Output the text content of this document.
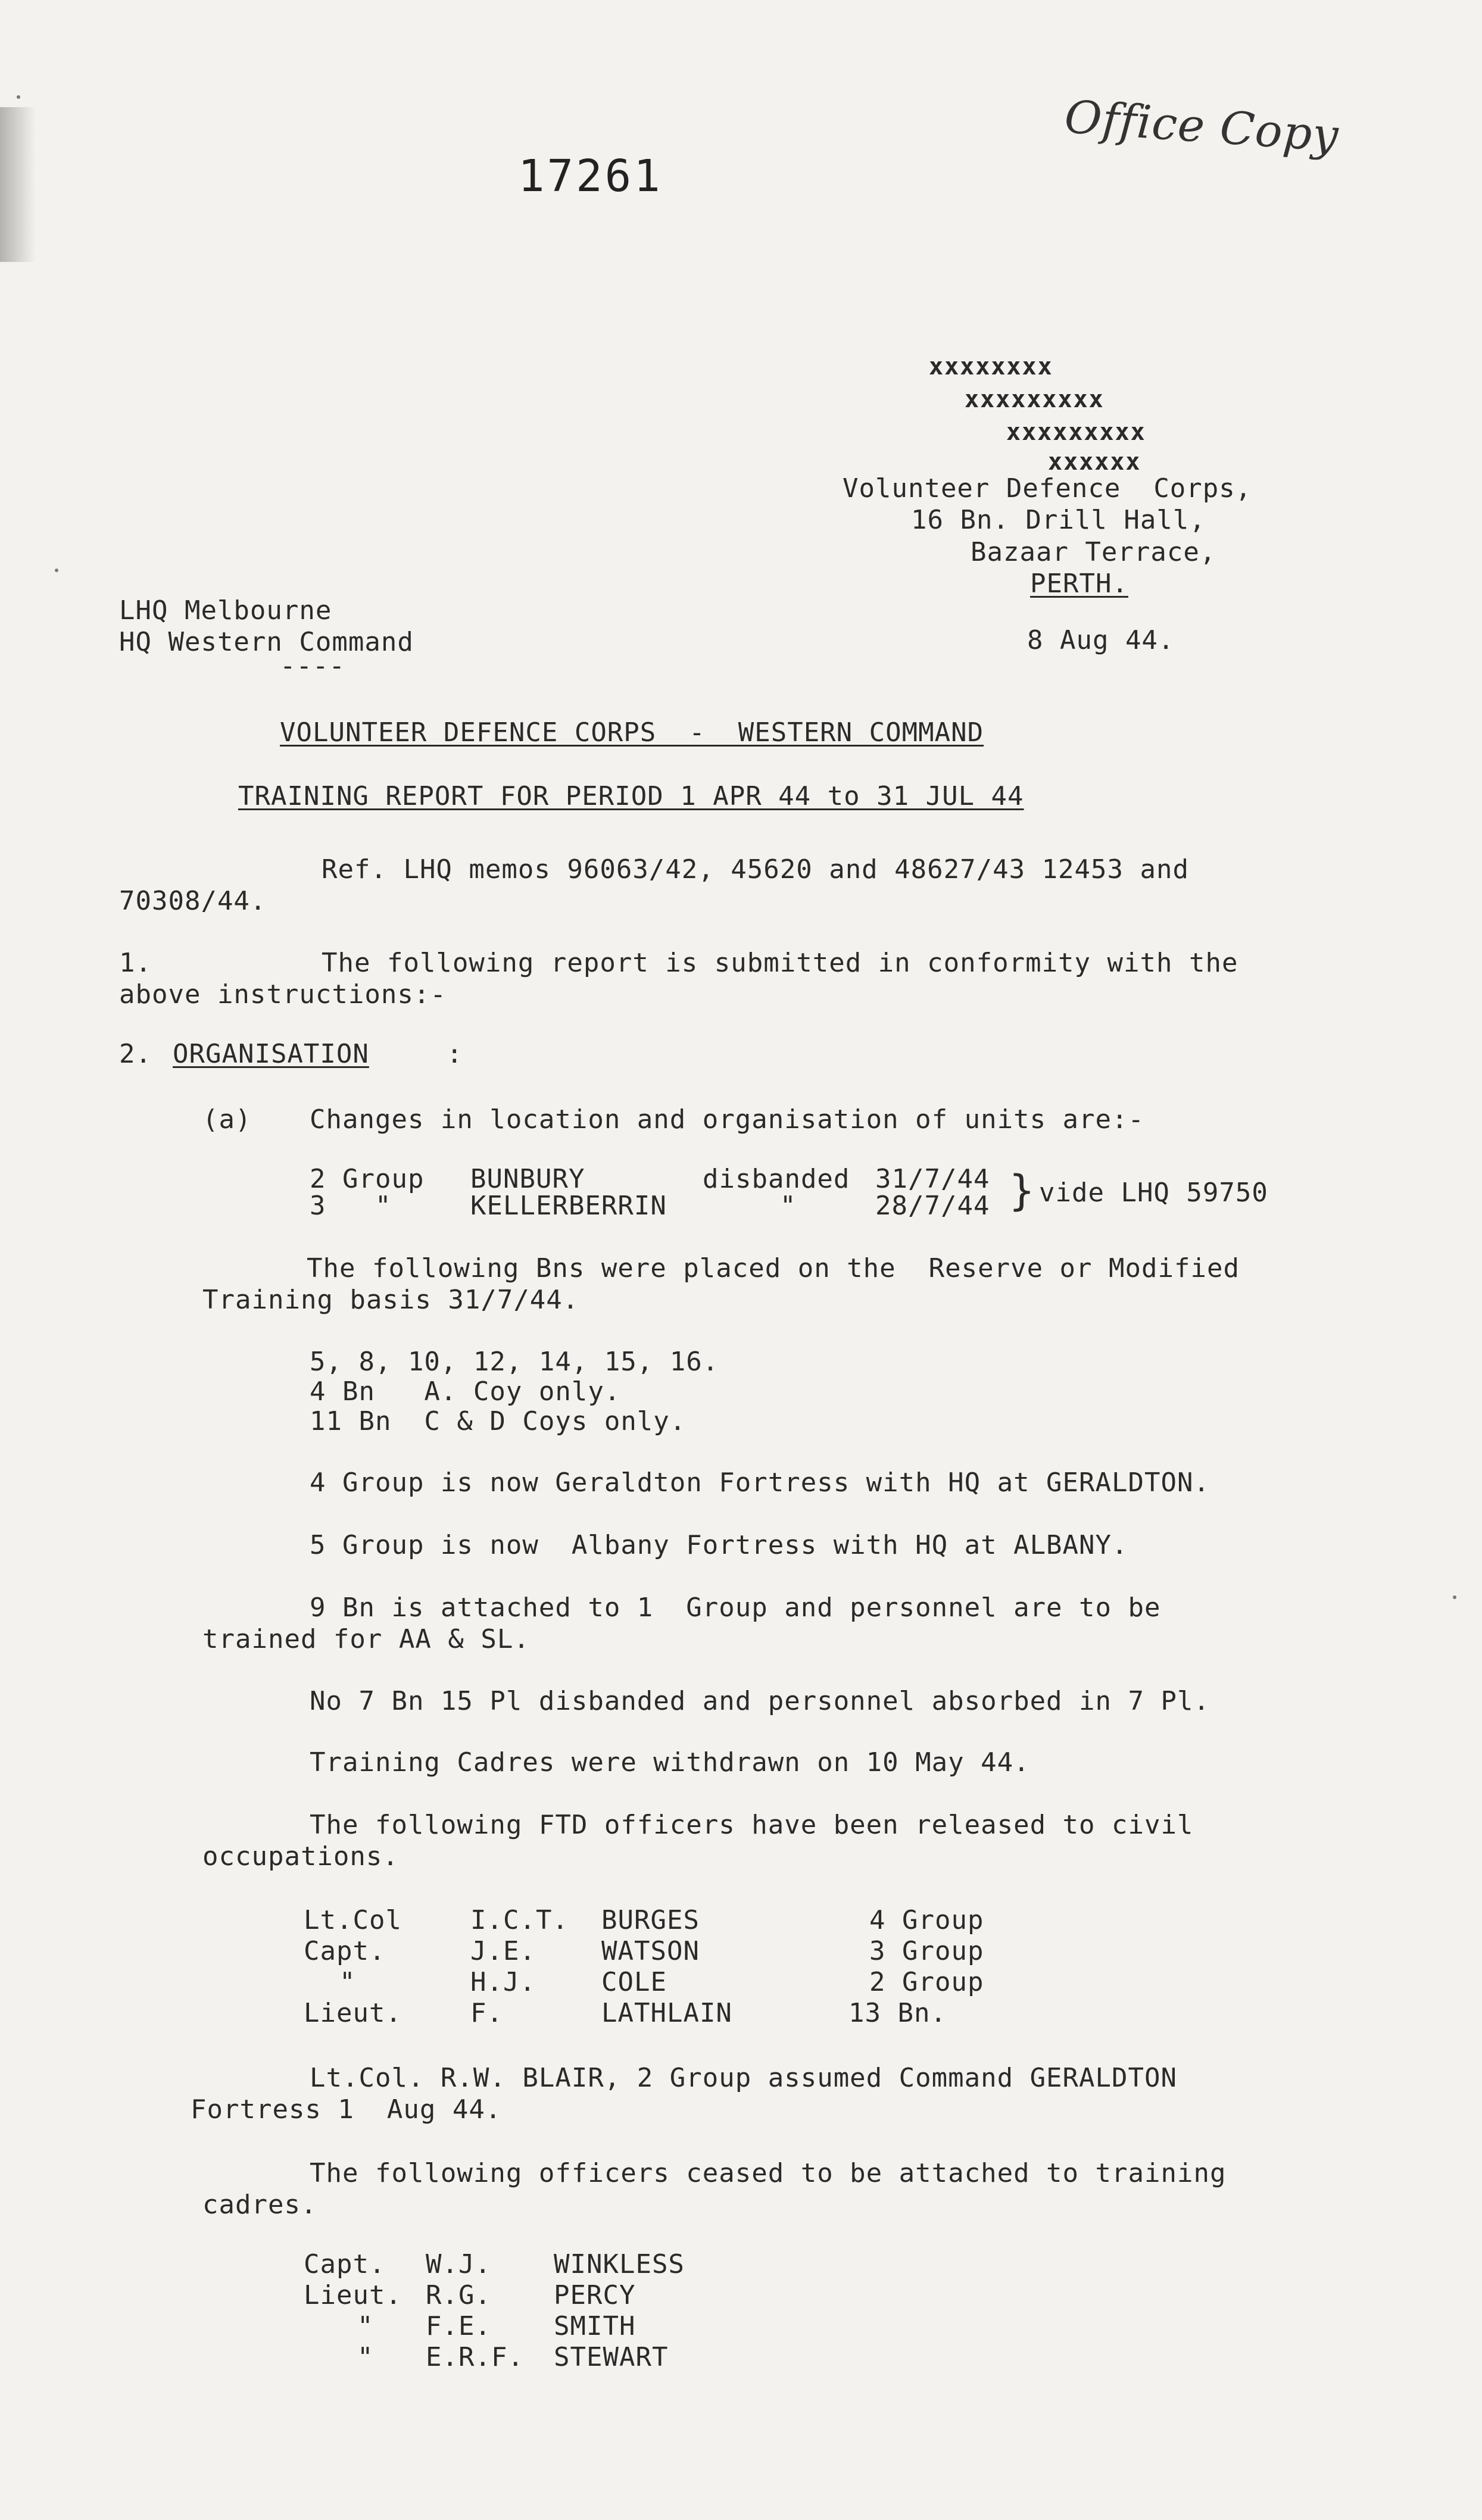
17261
Office Copy
xxxxxxxx
xxxxxxxxx
xxxxxxxxx
xxxxxx
Volunteer Defence  Corps,
16 Bn. Drill Hall,
Bazaar Terrace,
PERTH.
8 Aug 44.
LHQ Melbourne
HQ Western Command
----
VOLUNTEER DEFENCE CORPS  -  WESTERN COMMAND
TRAINING REPORT FOR PERIOD 1 APR 44 to 31 JUL 44
Ref. LHQ memos 96063/42, 45620 and 48627/43 12453 and
70308/44.
1.	The following report is submitted in conformity with the
above instructions:-
2. ORGANISATION	:
(a) Changes in location and organisation of units are:-
2 Group BUNBURY	disbanded 31/7/44
3   "	KELLERBERRIN	"	28/7/44 } vide LHQ 59750
The following Bns were placed on the  Reserve or Modified
Training basis 31/7/44.
5, 8, 10, 12, 14, 15, 16.
4 Bn   A. Coy only.
11 Bn  C & D Coys only.
4 Group is now Geraldton Fortress with HQ at GERALDTON.
5 Group is now  Albany Fortress with HQ at ALBANY.
9 Bn is attached to 1  Group and personnel are to be
trained for AA & SL.
No 7 Bn 15 Pl disbanded and personnel absorbed in 7 Pl.
Training Cadres were withdrawn on 10 May 44.
The following FTD officers have been released to civil
occupations.
Lt.Col	I.C.T. BURGES	4 Group
Capt.	J.E.	WATSON	3 Group
"	H.J.	COLE	2 Group
Lieut.	F.	LATHLAIN	13 Bn.
Lt.Col. R.W. BLAIR, 2 Group assumed Command GERALDTON
Fortress 1  Aug 44.
The following officers ceased to be attached to training
cadres.
Capt. W.J. WINKLESS
Lieut. R.G. PERCY
" F.E. SMITH
" E.R.F. STEWART
